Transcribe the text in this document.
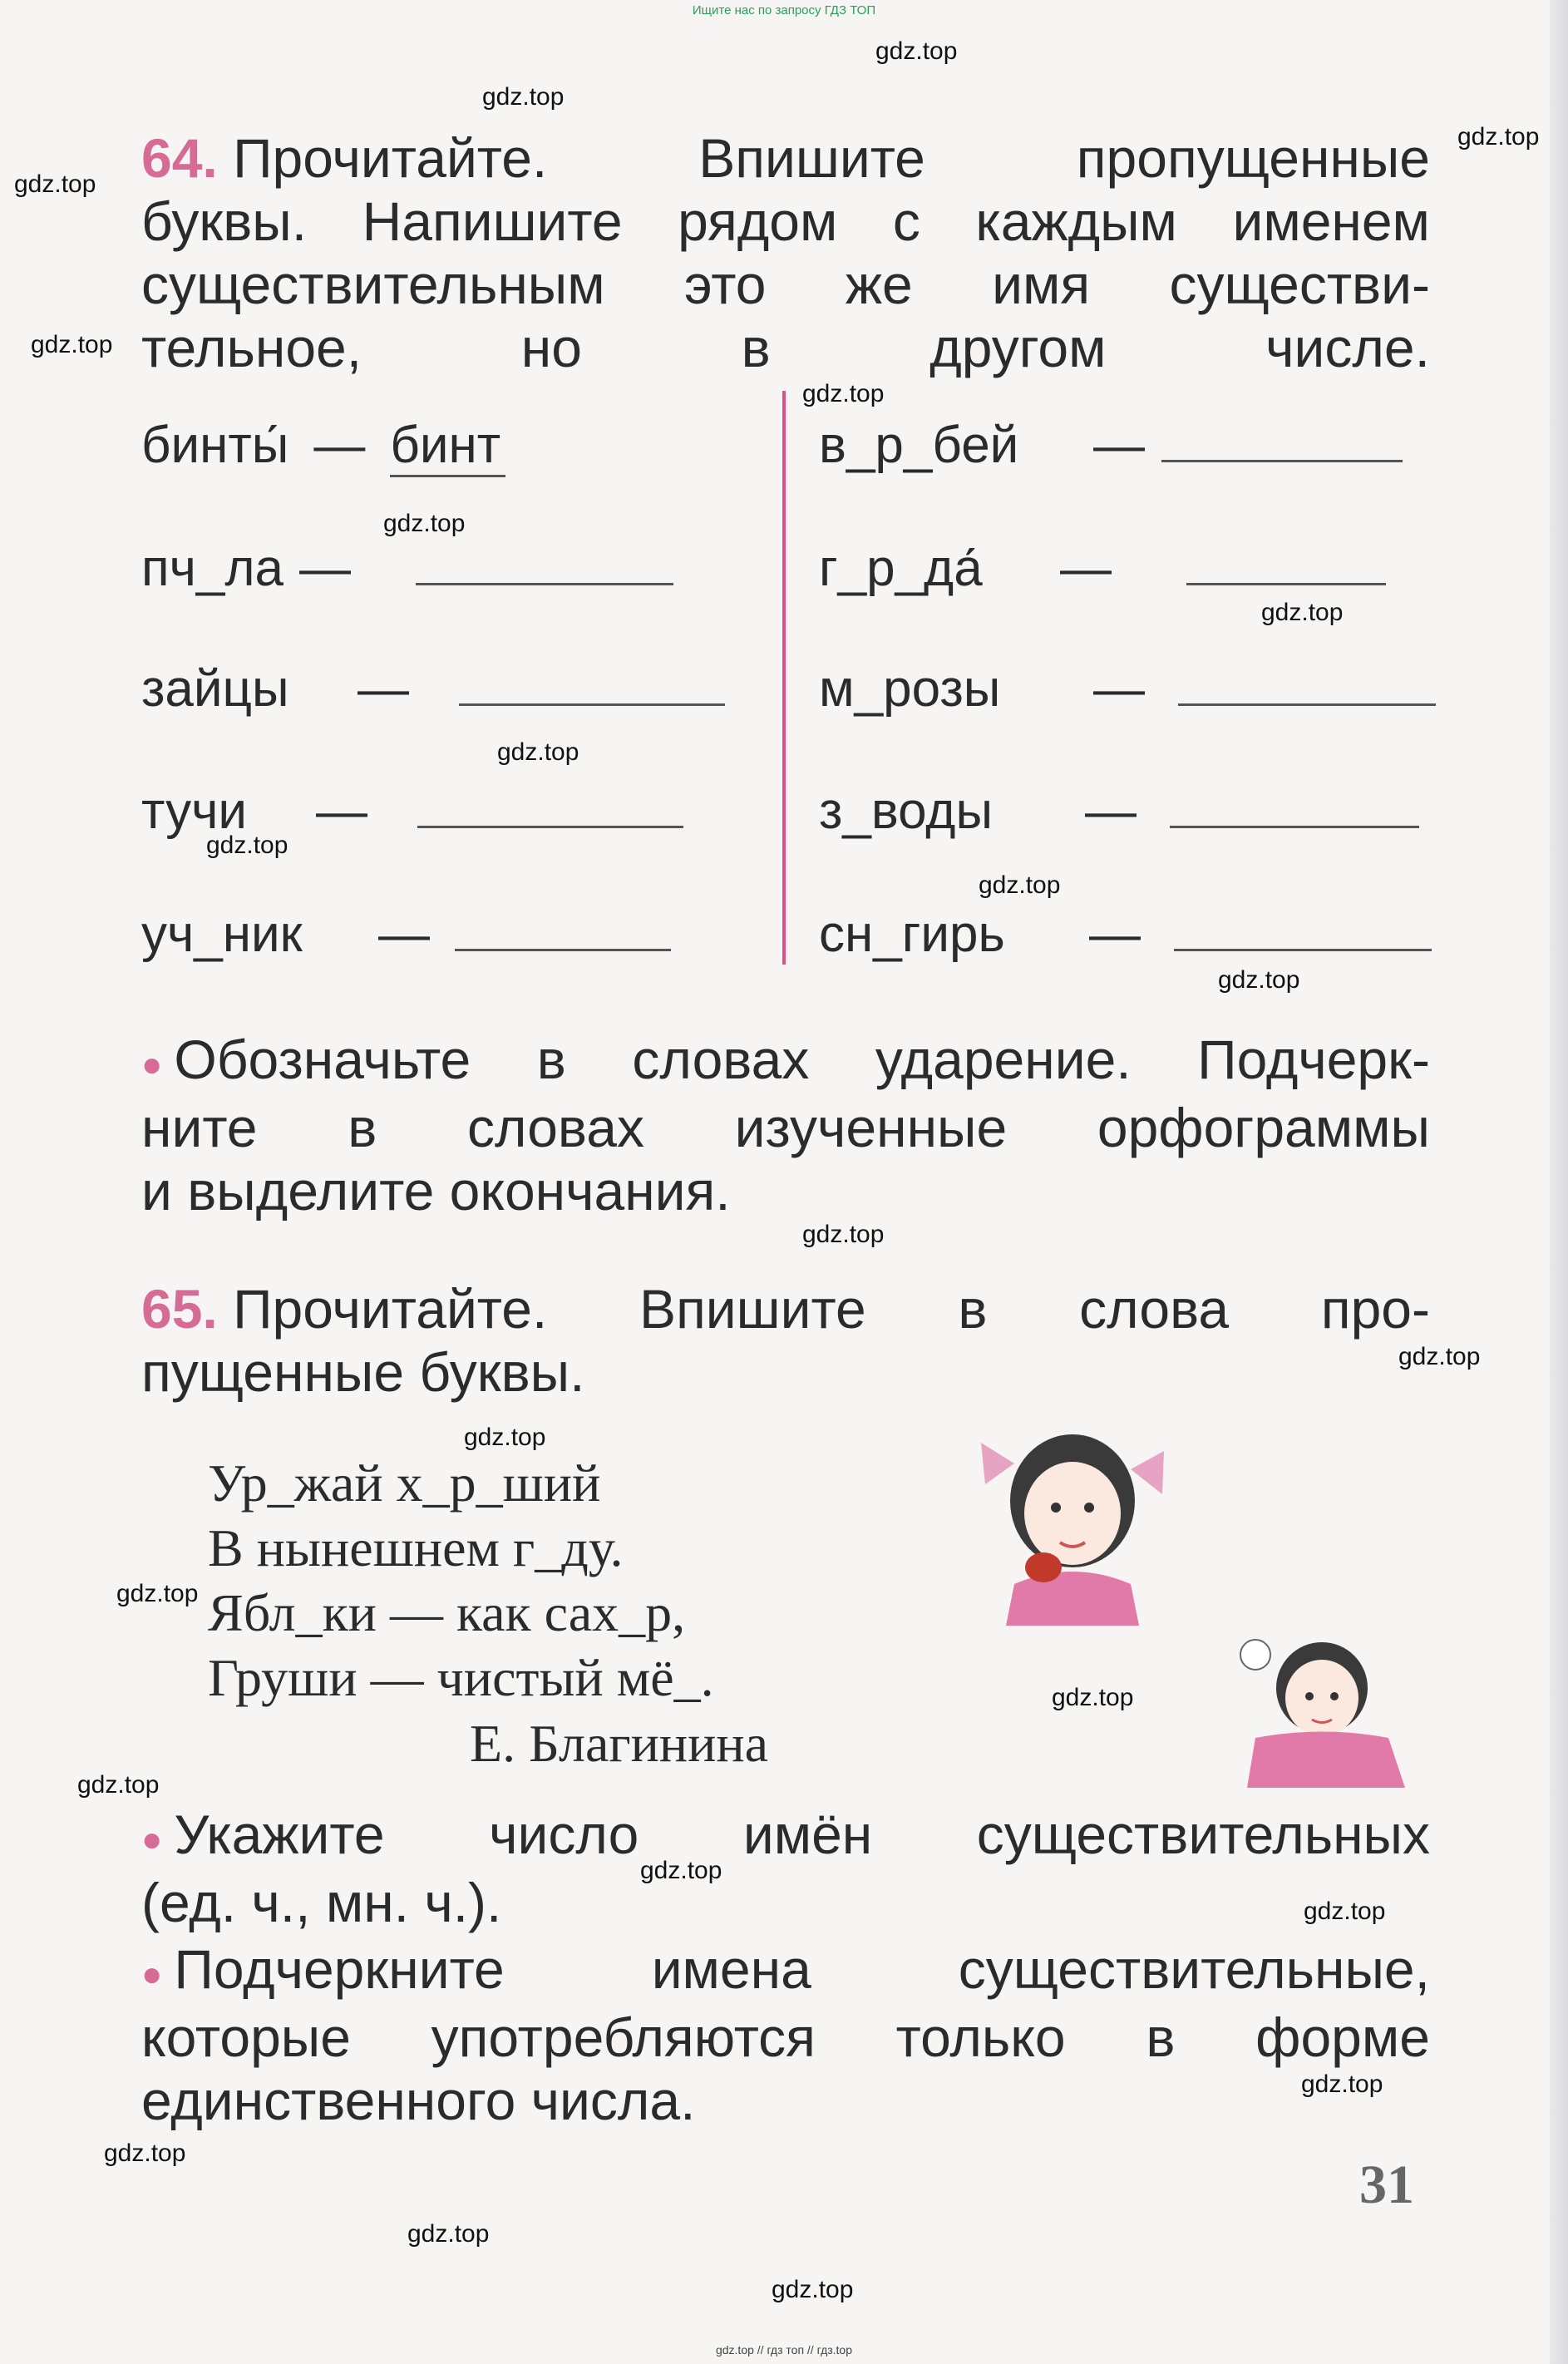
Ищите нас по запросу ГДЗ ТОП
64. Прочитайте.	Впишите	пропущенные
буквы. Напишите рядом с каждым именем
существительным это же имя существи-
тельное,	но	в	другом	числе.
бинты́ — бинт
пч_ла —
зайцы	—
тучи	—
уч_ник	—
в_р_бей	—
г_р_да́	—
м_розы	—
з_воды	—
сн_гирь	—
● Обозначьте в словах ударение. Подчерк-
ните в словах изученные орфограммы
и выделите окончания.
65. Прочитайте. Впишите в слова про-
пущенные буквы.
Ур_жай х_р_ший
В нынешнем г_ду.
Ябл_ки — как сах_р,
Груши — чистый мё_.
Е. Благинина
● Укажите число имён существительных
(ед. ч., мн. ч.).
● Подчеркните	имена	существительные,
которые употребляются только в форме
единственного числа.
31
gdz.top
gdz.top
gdz.top
gdz.top
gdz.top
gdz.top
gdz.top
gdz.top
gdz.top
gdz.top
gdz.top
gdz.top
gdz.top
gdz.top
gdz.top
gdz.top
gdz.top
gdz.top
gdz.top
gdz.top
gdz.top
gdz.top
gdz.top
gdz.top
gdz.top // гдз топ // гдз.top
